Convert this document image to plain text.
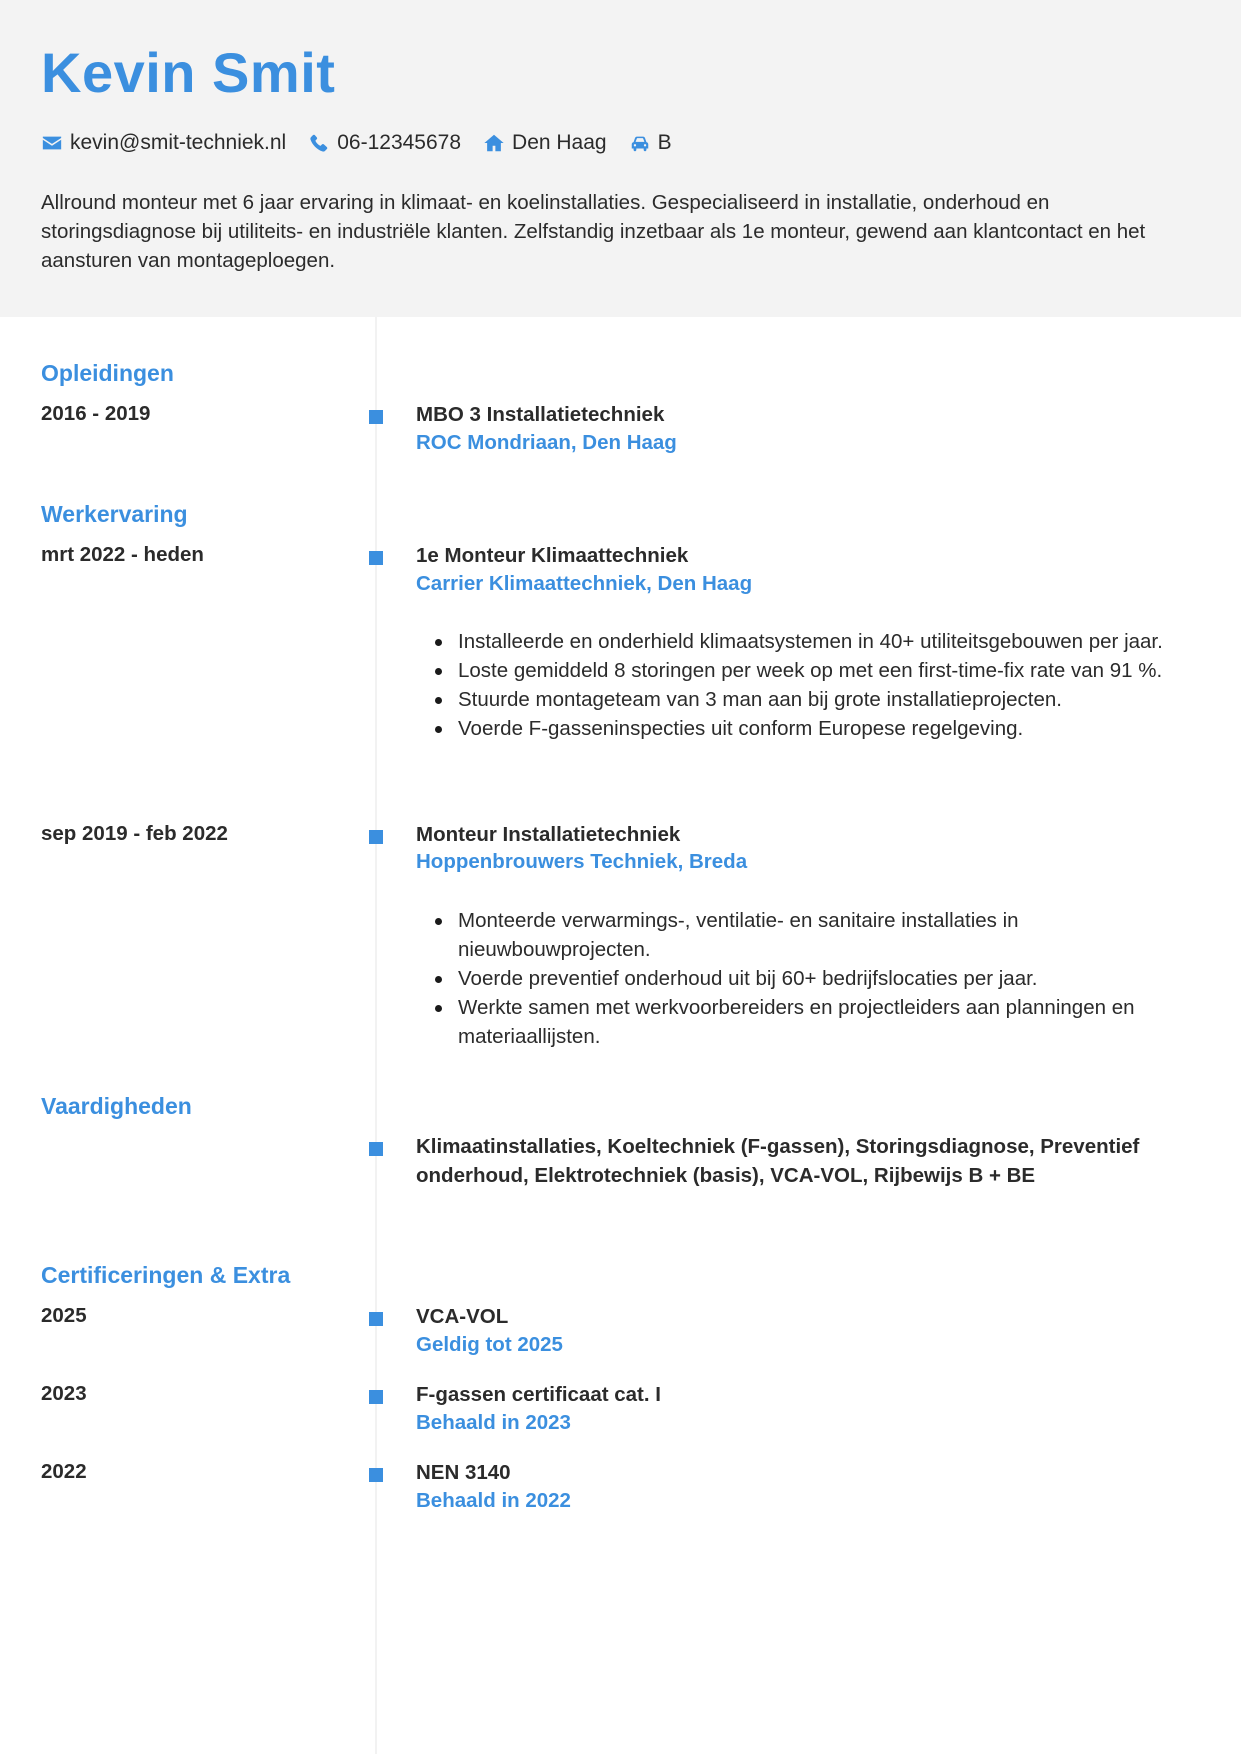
Kevin Smit
kevin@smit-techniek.nl 06-12345678 Den Haag B
Allround monteur met 6 jaar ervaring in klimaat- en koelinstallaties. Gespecialiseerd in installatie, onderhoud en storingsdiagnose bij utiliteits- en industriële klanten. Zelfstandig inzetbaar als 1e monteur, gewend aan klantcontact en het aansturen van montageploegen.
Opleidingen
2016 - 2019	MBO 3 Installatietechniek
ROC Mondriaan, Den Haag
Werkervaring
mrt 2022 - heden	1e Monteur Klimaattechniek
Carrier Klimaattechniek, Den Haag
Installeerde en onderhield klimaatsystemen in 40+ utiliteitsgebouwen per jaar.
Loste gemiddeld 8 storingen per week op met een first-time-fix rate van 91 %.
Stuurde montageteam van 3 man aan bij grote installatieprojecten.
Voerde F-gasseninspecties uit conform Europese regelgeving.
sep 2019 - feb 2022	Monteur Installatietechniek
Hoppenbrouwers Techniek, Breda
Monteerde verwarmings-, ventilatie- en sanitaire installaties in nieuwbouwprojecten.
Voerde preventief onderhoud uit bij 60+ bedrijfslocaties per jaar.
Werkte samen met werkvoorbereiders en projectleiders aan planningen en materiaallijsten.
Vaardigheden
Klimaatinstallaties, Koeltechniek (F-gassen), Storingsdiagnose, Preventief onderhoud, Elektrotechniek (basis), VCA-VOL, Rijbewijs B + BE
Certificeringen & Extra
2025	VCA-VOL
Geldig tot 2025
2023	F-gassen certificaat cat. I
Behaald in 2023
2022	NEN 3140
Behaald in 2022
